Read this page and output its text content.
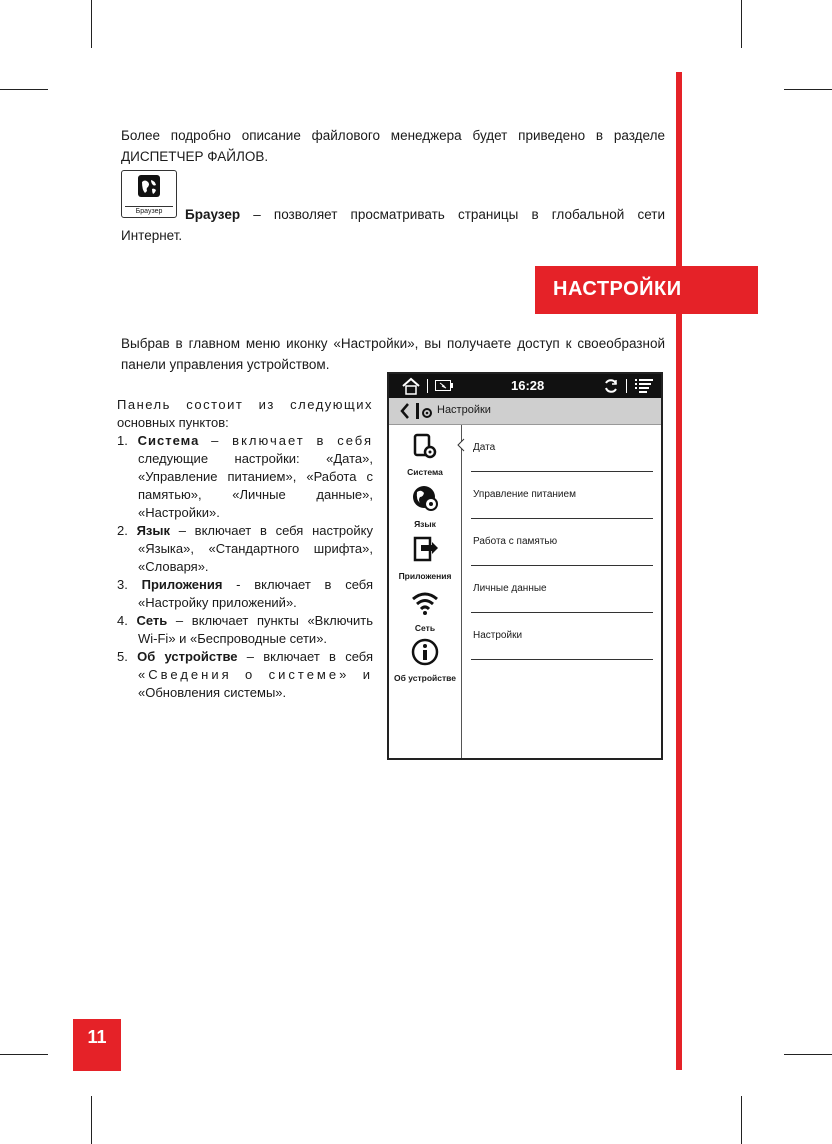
Более подробно описание файлового менеджера будет приведено в разделе

ДИСПЕТЧЕР ФАЙЛОВ.

Браузер	Браузер – позволяет просматривать страницы в глобальной сети

Интернет.

НАСТРОЙКИ

Выбрав в главном меню иконку «Настройки», вы получаете доступ к своеобразной

панели управления устройством.

Панель состоит из следующих
основных пунктов:
1. Система – включает в себя
следующие настройки: «Дата»,
«Управление питанием», «Работа с
памятью», «Личные данные»,
«Настройки».
2. Язык – включает в себя настройку
«Языка», «Стандартного шрифта»,
«Словаря».
3. Приложения - включает в себя
«Настройку приложений».
4. Сеть – включает пункты «Включить
Wi-Fi» и «Беспроводные сети».
5. Об устройстве – включает в себя
«Сведения о системе» и
«Обновления системы».
16:28
Настройки
Система
Язык
Приложения
Сеть
Об устройстве
Дата
Управление питанием
Работа с памятью
Личные данные
Настройки
11
